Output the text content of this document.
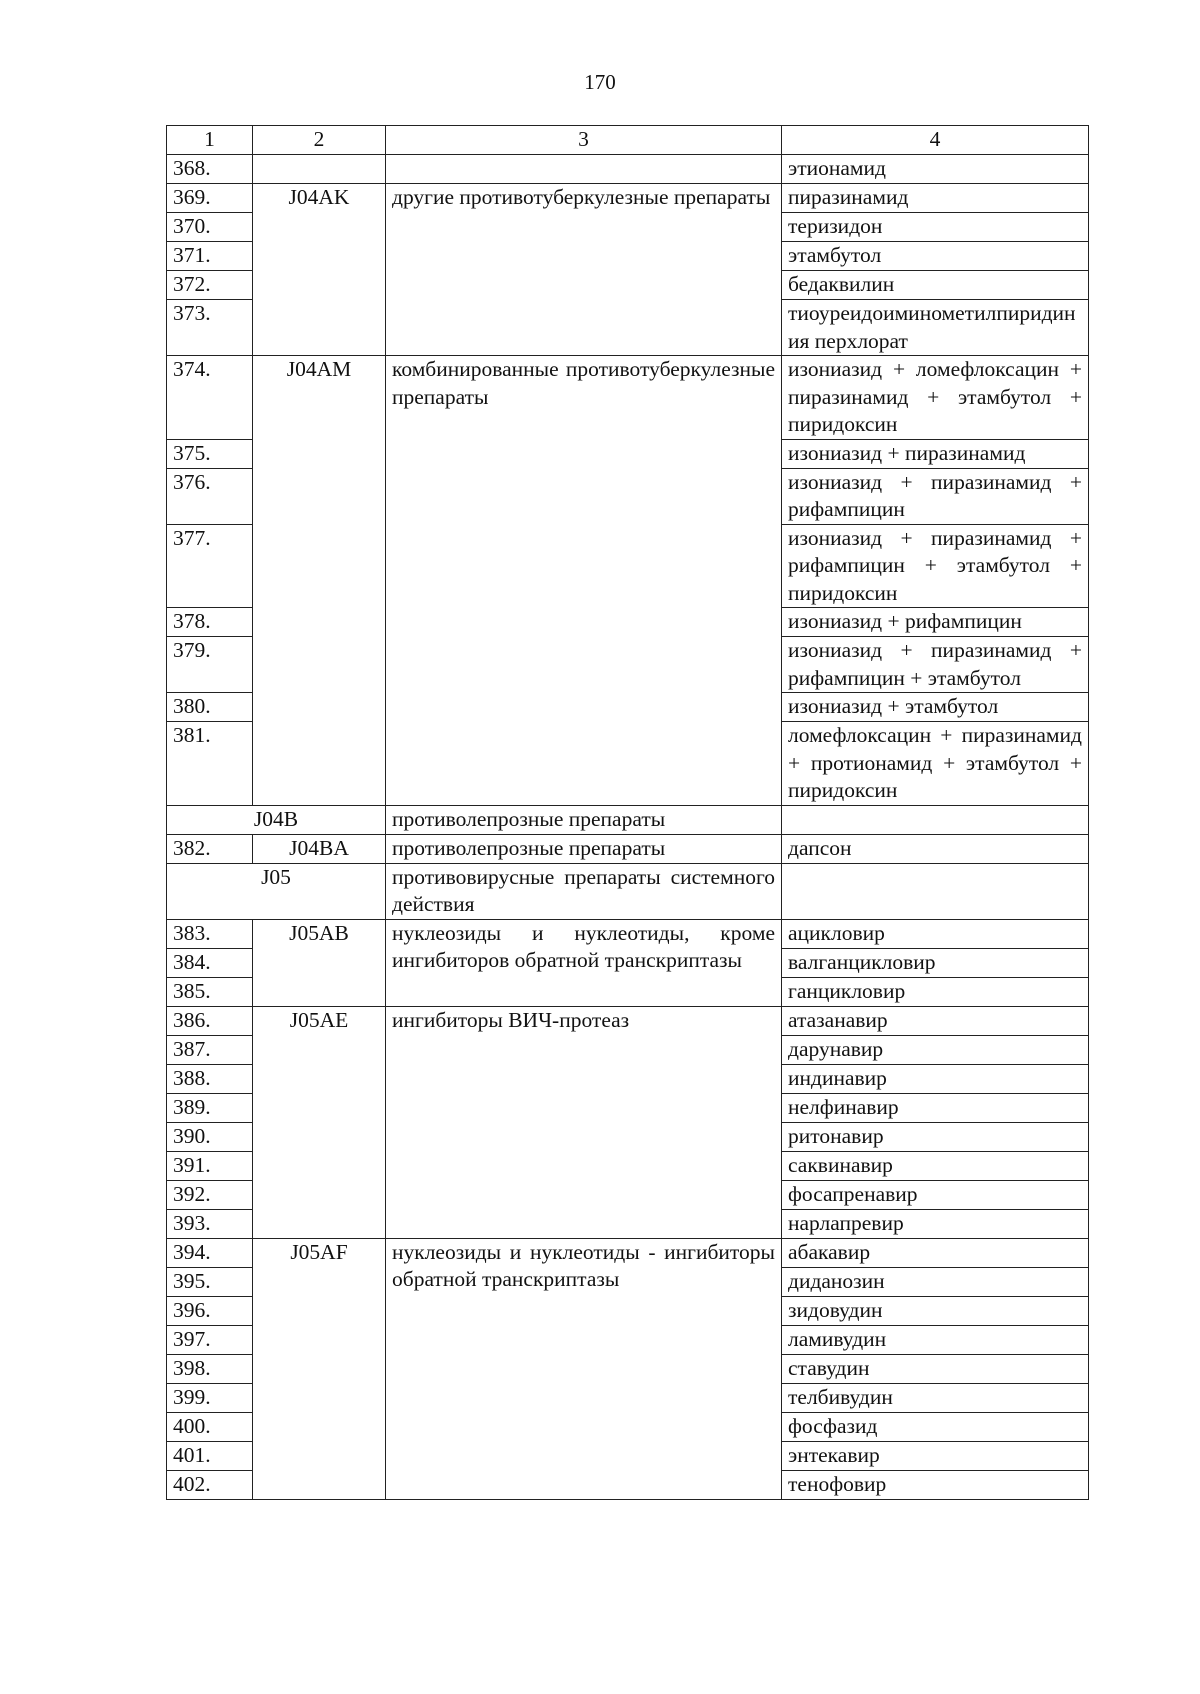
170
1	2	3	4
368.			этионамид
369.	J04AK	другие противотуберкулезные препараты	пиразинамид
370.			теризидон
371.			этамбутол
372.			бедаквилин
373.			тиоуреидоиминометилпиридиния перхлорат
374.	J04AM	комбинированные противотуберкулезные препараты	изониазид + ломефлоксацин + пиразинамид + этамбутол + пиридоксин
375.			изониазид + пиразинамид
376.			изониазид + пиразинамид + рифампицин
377.			изониазид + пиразинамид + рифампицин + этамбутол + пиридоксин
378.			изониазид + рифампицин
379.			изониазид + пиразинамид + рифампицин + этамбутол
380.			изониазид + этамбутол
381.			ломефлоксацин + пиразинамид + протионамид + этамбутол + пиридоксин
J04B		противолепрозные препараты	
382.	J04BA	противолепрозные препараты	дапсон
J05		противовирусные препараты системного действия	
383.	J05AB	нуклеозиды и нуклеотиды, кроме ингибиторов обратной транскриптазы	ацикловир
384.			валганцикловир
385.			ганцикловир
386.	J05AE	ингибиторы ВИЧ-протеаз	атазанавир
387.			дарунавир
388.			индинавир
389.			нелфинавир
390.			ритонавир
391.			саквинавир
392.			фосапренавир
393.			нарлапревир
394.	J05AF	нуклеозиды и нуклеотиды - ингибиторы обратной транскриптазы	абакавир
395.			диданозин
396.			зидовудин
397.			ламивудин
398.			ставудин
399.			телбивудин
400.			фосфазид
401.			энтекавир
402.			тенофовир
